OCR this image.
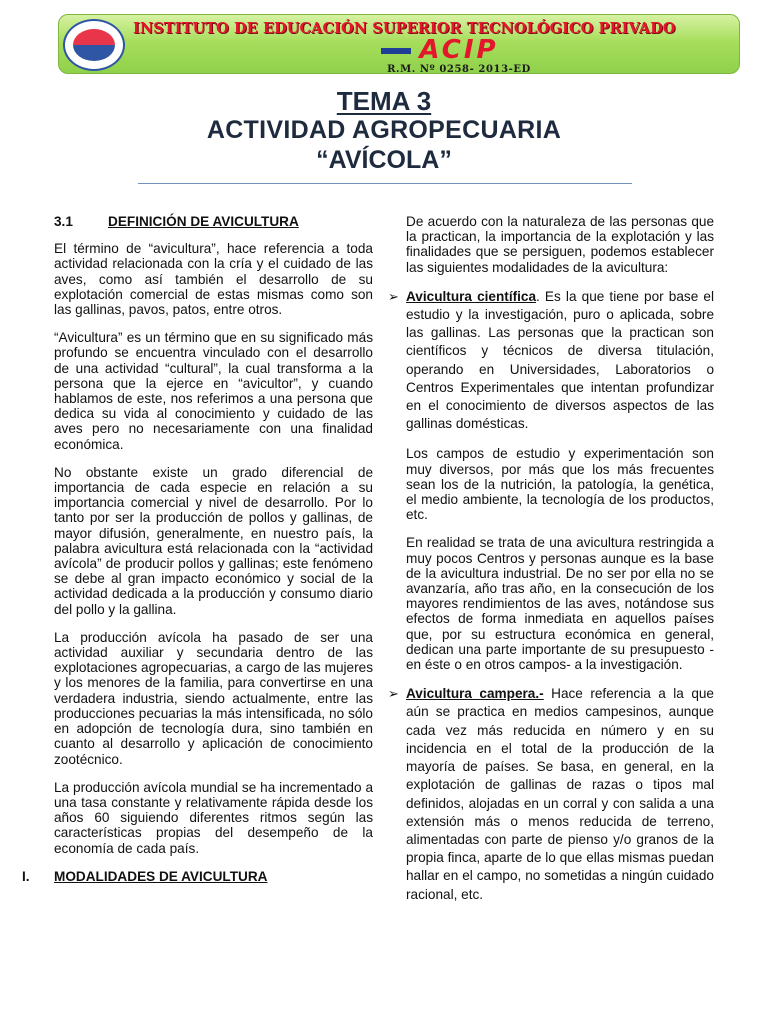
INSTITUTO DE EDUCACIÓN SUPERIOR TECNOLÓGICO PRIVADO
ACIP
R.M. Nº 0258- 2013-ED
TEMA 3
ACTIVIDAD AGROPECUARIA
“AVÍCOLA”
3.1	DEFINICIÓN DE AVICULTURA

El término de “avicultura”, hace referencia a toda actividad relacionada con la cría y el cuidado de las aves, como así también el desarrollo de su explotación comercial de estas mismas como son las gallinas, pavos, patos, entre otros.

“Avicultura” es un término que en su significado más profundo se encuentra vinculado con el desarrollo de una actividad “cultural”, la cual transforma a la persona que la ejerce en “avicultor”, y cuando hablamos de este, nos referimos a una persona que dedica su vida al conocimiento y cuidado de las aves pero no necesariamente con una finalidad económica.

No obstante existe un grado diferencial de importancia de cada especie en relación a su importancia comercial y nivel de desarrollo. Por lo tanto por ser la producción de pollos y gallinas, de mayor difusión, generalmente, en nuestro país, la palabra avicultura está relacionada con la “actividad avícola” de producir pollos y gallinas; este fenómeno se debe al gran impacto económico y social de la actividad dedicada a la producción y consumo diario del pollo y la gallina.

La producción avícola ha pasado de ser una actividad auxiliar y secundaria dentro de las explotaciones agropecuarias, a cargo de las mujeres y los menores de la familia, para convertirse en una verdadera industria, siendo actualmente, entre las producciones pecuarias la más intensificada, no sólo en adopción de tecnología dura, sino también en cuanto al desarrollo y aplicación de conocimiento zootécnico.

La producción avícola mundial se ha incrementado a una tasa constante y relativamente rápida desde los años 60 siguiendo diferentes ritmos según las características propias del desempeño de la economía de cada país.

I. MODALIDADES DE AVICULTURA

De acuerdo con la naturaleza de las personas que la practican, la importancia de la explotación y las finalidades que se persiguen, podemos establecer las siguientes modalidades de la avicultura:

➢ Avicultura científica. Es la que tiene por base el estudio y la investigación, puro o aplicada, sobre las gallinas. Las personas que la practican son científicos y técnicos de diversa titulación, operando en Universidades, Laboratorios o Centros Experimentales que intentan profundizar en el conocimiento de diversos aspectos de las gallinas domésticas.

Los campos de estudio y experimentación son muy diversos, por más que los más frecuentes sean los de la nutrición, la patología, la genética, el medio ambiente, la tecnología de los productos, etc.

En realidad se trata de una avicultura restringida a muy pocos Centros y personas aunque es la base de la avicultura industrial. De no ser por ella no se avanzaría, año tras año, en la consecución de los mayores rendimientos de las aves, notándose sus efectos de forma inmediata en aquellos países que, por su estructura económica en general, dedican una parte importante de su presupuesto -en éste o en otros campos- a la investigación.

➢ Avicultura campera.- Hace referencia a la que aún se practica en medios campesinos, aunque cada vez más reducida en número y en su incidencia en el total de la producción de la mayoría de países. Se basa, en general, en la explotación de gallinas de razas o tipos mal definidos, alojadas en un corral y con salida a una extensión más o menos reducida de terreno, alimentadas con parte de pienso y/o granos de la propia finca, aparte de lo que ellas mismas puedan hallar en el campo, no sometidas a ningún cuidado racional, etc.
